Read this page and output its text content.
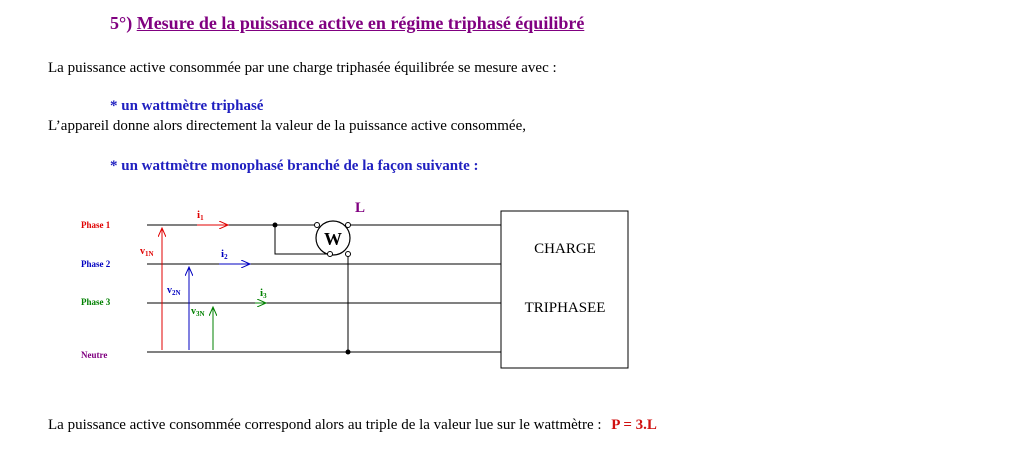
5°) Mesure de la puissance active en régime triphasé équilibré
La puissance active consommée par une charge triphasée équilibrée se mesure avec :
* un wattmètre triphasé
L’appareil donne alors directement la valeur de la puissance active consommée,
* un wattmètre monophasé branché de la façon suivante :
Phase 1
Phase 2
Phase 3
Neutre
W
L
i1
i2
i3
$v_{1N}$
$v_{2N}$
$v_{3N}$
CHARGE
TRIPHASEE
La puissance active consommée correspond alors au triple de la valeur lue sur le wattmètre : P = 3.L
